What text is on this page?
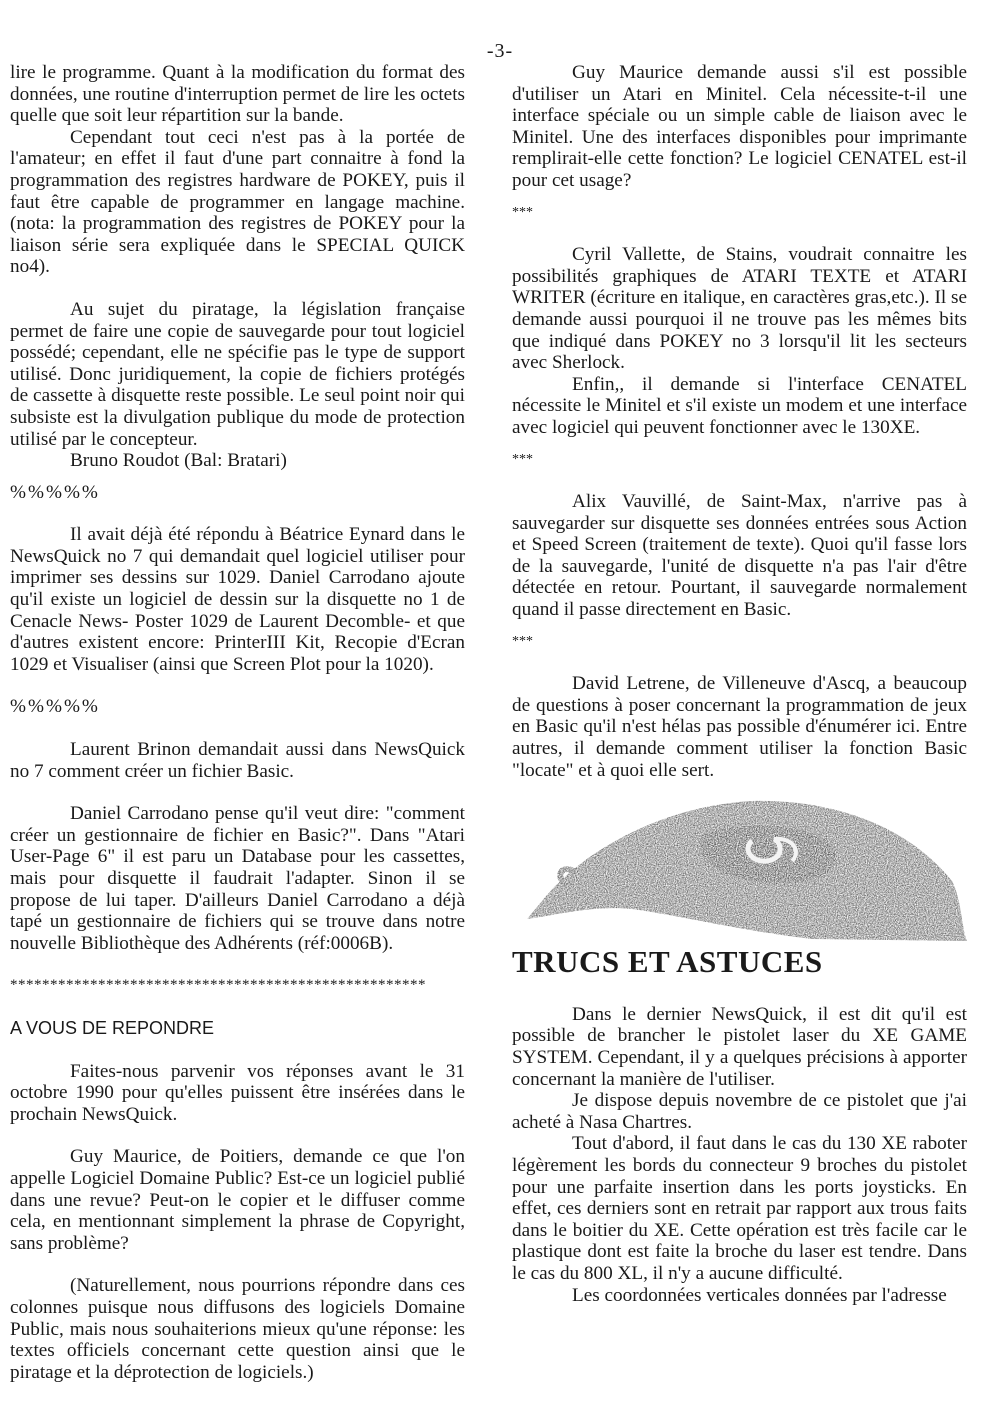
-3-

lire le programme. Quant à la modification du format des données, une routine d'interruption permet de lire les octets quelle que soit leur répartition sur la bande.

Cependant tout ceci n'est pas à la portée de l'amateur; en effet il faut d'une part connaitre à fond la programmation des registres hardware de POKEY, puis il faut être capable de programmer en langage machine. (nota: la programmation des registres de POKEY pour la liaison série sera expliquée dans le SPECIAL QUICK no4).

Au sujet du piratage, la législation française permet de faire une copie de sauvegarde pour tout logiciel possédé; cependant, elle ne spécifie pas le type de support utilisé. Donc juridiquement, la copie de fichiers protégés de cassette à disquette reste possible. Le seul point noir qui subsiste est la divulgation publique du mode de protection utilisé par le concepteur.

Bruno Roudot (Bal: Bratari)

%%%%%

Il avait déjà été répondu à Béatrice Eynard dans le NewsQuick no 7 qui demandait quel logiciel utiliser pour imprimer ses dessins sur 1029. Daniel Carrodano ajoute qu'il existe un logiciel de dessin sur la disquette no 1 de Cenacle News- Poster 1029 de Laurent Decomble- et que d'autres existent encore: PrinterIII Kit, Recopie d'Ecran 1029 et Visualiser (ainsi que Screen Plot pour la 1020).

%%%%%

Laurent Brinon demandait aussi dans NewsQuick no 7 comment créer un fichier Basic.

Daniel Carrodano pense qu'il veut dire: "comment créer un gestionnaire de fichier en Basic?". Dans "Atari User-Page 6" il est paru un Database pour les cassettes, mais pour disquette il faudrait l'adapter. Sinon il se propose de lui taper. D'ailleurs Daniel Carrodano a déjà tapé un gestionnaire de fichiers qui se trouve dans notre nouvelle Bibliothèque des Adhérents (réf:0006B).

****************************************************

A VOUS DE REPONDRE

Faites-nous parvenir vos réponses avant le 31 octobre 1990 pour qu'elles puissent être insérées dans le prochain NewsQuick.

Guy Maurice, de Poitiers, demande ce que l'on appelle Logiciel Domaine Public? Est-ce un logiciel publié dans une revue? Peut-on le copier et le diffuser comme cela, en mentionnant simplement la phrase de Copyright, sans problème?

(Naturellement, nous pourrions répondre dans ces colonnes puisque nous diffusons des logiciels Domaine Public, mais nous souhaiterions mieux qu'une réponse: les textes officiels concernant cette question ainsi que le piratage et la déprotection de logiciels.)

Guy Maurice demande aussi s'il est possible d'utiliser un Atari en Minitel. Cela nécessite-t-il une interface spéciale ou un simple cable de liaison avec le Minitel. Une des interfaces disponibles pour imprimante remplirait-elle cette fonction? Le logiciel CENATEL est-il pour cet usage?

***

Cyril Vallette, de Stains, voudrait connaitre les possibilités graphiques de ATARI TEXTE et ATARI WRITER (écriture en italique, en caractères gras,etc.). Il se demande aussi pourquoi il ne trouve pas les mêmes bits que indiqué dans POKEY no 3 lorsqu'il lit les secteurs avec Sherlock.

Enfin,, il demande si l'interface CENATEL nécessite le Minitel et s'il existe un modem et une interface avec logiciel qui peuvent fonctionner avec le 130XE.

***

Alix Vauvillé, de Saint-Max, n'arrive pas à sauvegarder sur disquette ses données entrées sous Action et Speed Screen (traitement de texte). Quoi qu'il fasse lors de la sauvegarde, l'unité de disquette n'a pas l'air d'être détectée en retour. Pourtant, il sauvegarde normalement quand il passe directement en Basic.

***

David Letrene, de Villeneuve d'Ascq, a beaucoup de questions à poser concernant la programmation de jeux en Basic qu'il n'est hélas pas possible d'énumérer ici. Entre autres, il demande comment utiliser la fonction Basic "locate" et à quoi elle sert.

TRUCS ET ASTUCES

Dans le dernier NewsQuick, il est dit qu'il est possible de brancher le pistolet laser du XE GAME SYSTEM. Cependant, il y a quelques précisions à apporter concernant la manière de l'utiliser.

Je dispose depuis novembre de ce pistolet que j'ai acheté à Nasa Chartres.

Tout d'abord, il faut dans le cas du 130 XE raboter légèrement les bords du connecteur 9 broches du pistolet pour une parfaite insertion dans les ports joysticks. En effet, ces derniers sont en retrait par rapport aux trous faits dans le boitier du XE. Cette opération est très facile car le plastique dont est faite la broche du laser est tendre. Dans le cas du 800 XL, il n'y a aucune difficulté.

Les coordonnées verticales données par l'adresse
